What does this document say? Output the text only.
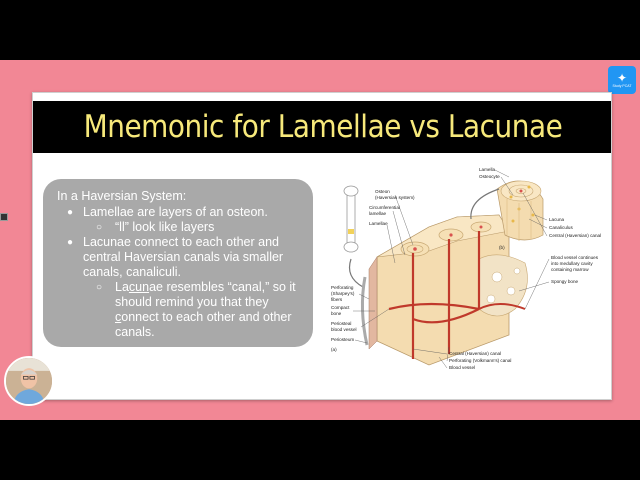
✦
Study PCAT
Mnemonic for Lamellae vs Lacunae
In a Haversian System:
● Lamellae are layers of an osteon.
○	“ll” look like layers
● Lacunae connect to each other and central Haversian canals via smaller canals, canaliculi.
○	Lacunae resembles “canal,” so it should remind you that they connect to each other and other canals.
Lamella
Osteocyte
(b)
Lacuna
Canaliculus
Central (Haversian) canal
Blood vessel continues
into medullary cavity
containing marrow
Spongy bone
Osteon
(Haversian system)
Circumferential
lamellae
Lamellae
Perforating
(Sharpey's)
fibers
Compact
bone
Periosteal
blood vessel
Periosteum
(a)
Central (Haversian) canal
Perforating (Volkmann's) canal
Blood vessel
